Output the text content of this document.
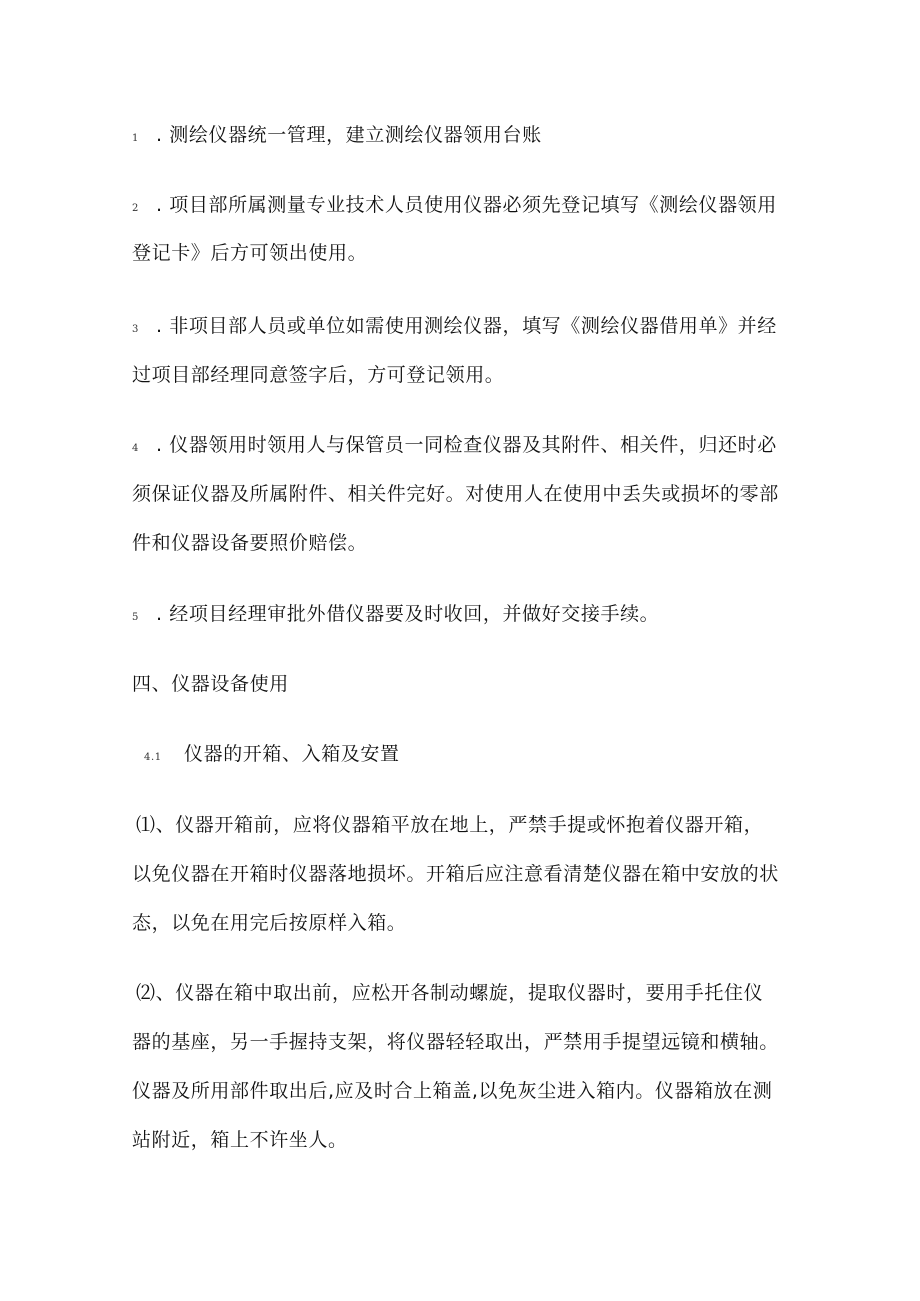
1 . 测绘仪器统一管理，建立测绘仪器领用台账
2 . 项目部所属测量专业技术人员使用仪器必须先登记填写《测绘仪器领用
登记卡》后方可领出使用。
3 . 非项目部人员或单位如需使用测绘仪器，填写《测绘仪器借用单》并经
过项目部经理同意签字后，方可登记领用。
4 . 仪器领用时领用人与保管员一同检查仪器及其附件、相关件，归还时必
须保证仪器及所属附件、相关件完好。对使用人在使用中丢失或损坏的零部
件和仪器设备要照价赔偿。
5 . 经项目经理审批外借仪器要及时收回，并做好交接手续。
四、仪器设备使用
4.1 仪器的开箱、入箱及安置
⑴、仪器开箱前，应将仪器箱平放在地上，严禁手提或怀抱着仪器开箱，
以免仪器在开箱时仪器落地损坏。开箱后应注意看清楚仪器在箱中安放的状
态，以免在用完后按原样入箱。
⑵、仪器在箱中取出前，应松开各制动螺旋，提取仪器时，要用手托住仪
器的基座，另一手握持支架，将仪器轻轻取出，严禁用手提望远镜和横轴。
仪器及所用部件取出后,应及时合上箱盖,以免灰尘进入箱内。仪器箱放在测
站附近，箱上不许坐人。
